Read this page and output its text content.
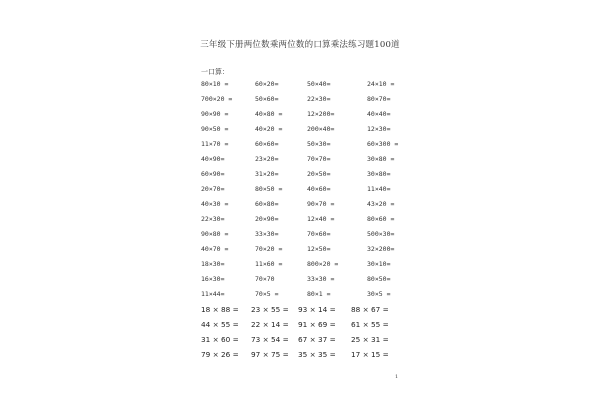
三年级下册两位数乘两位数的口算乘法练习题100道
一口算：
80×10 =	60×20=	50×40=	24×10 =
700×20 =	50×60=	22×30=	80×70=
90×90 =	40×80 =	12×200=	40×40=
90×50 =	40×20 =	200×40=	12×30=
11×70 =	60×60=	50×30=	60×300 =
40×90=	23×20=	70×70=	30×80 =
60×90=	31×20=	20×50=	30×80=
20×70=	80×50 =	40×60=	11×40=
40×30 =	60×80=	90×70 =	43×20 =
22×30=	20×90=	12×40 =	80×60 =
90×80 =	33×30=	70×60=	500×30=
40×70 =	70×20 =	12×50=	32×200=
18×30=	11×60 =	800×20 =	30×10=
16×30=	70×70	33×30 =	80×50=
11×44=	70×5 =	80×1 =	30×5 =
18 × 88 = 23 × 55 = 93 × 14 = 88 × 67 =
44 × 55 = 22 × 14 = 91 × 69 = 61 × 55 =
31 × 60 = 73 × 54 = 67 × 37 = 25 × 31 =
79 × 26 = 97 × 75 = 35 × 35 = 17 × 15 =
1
